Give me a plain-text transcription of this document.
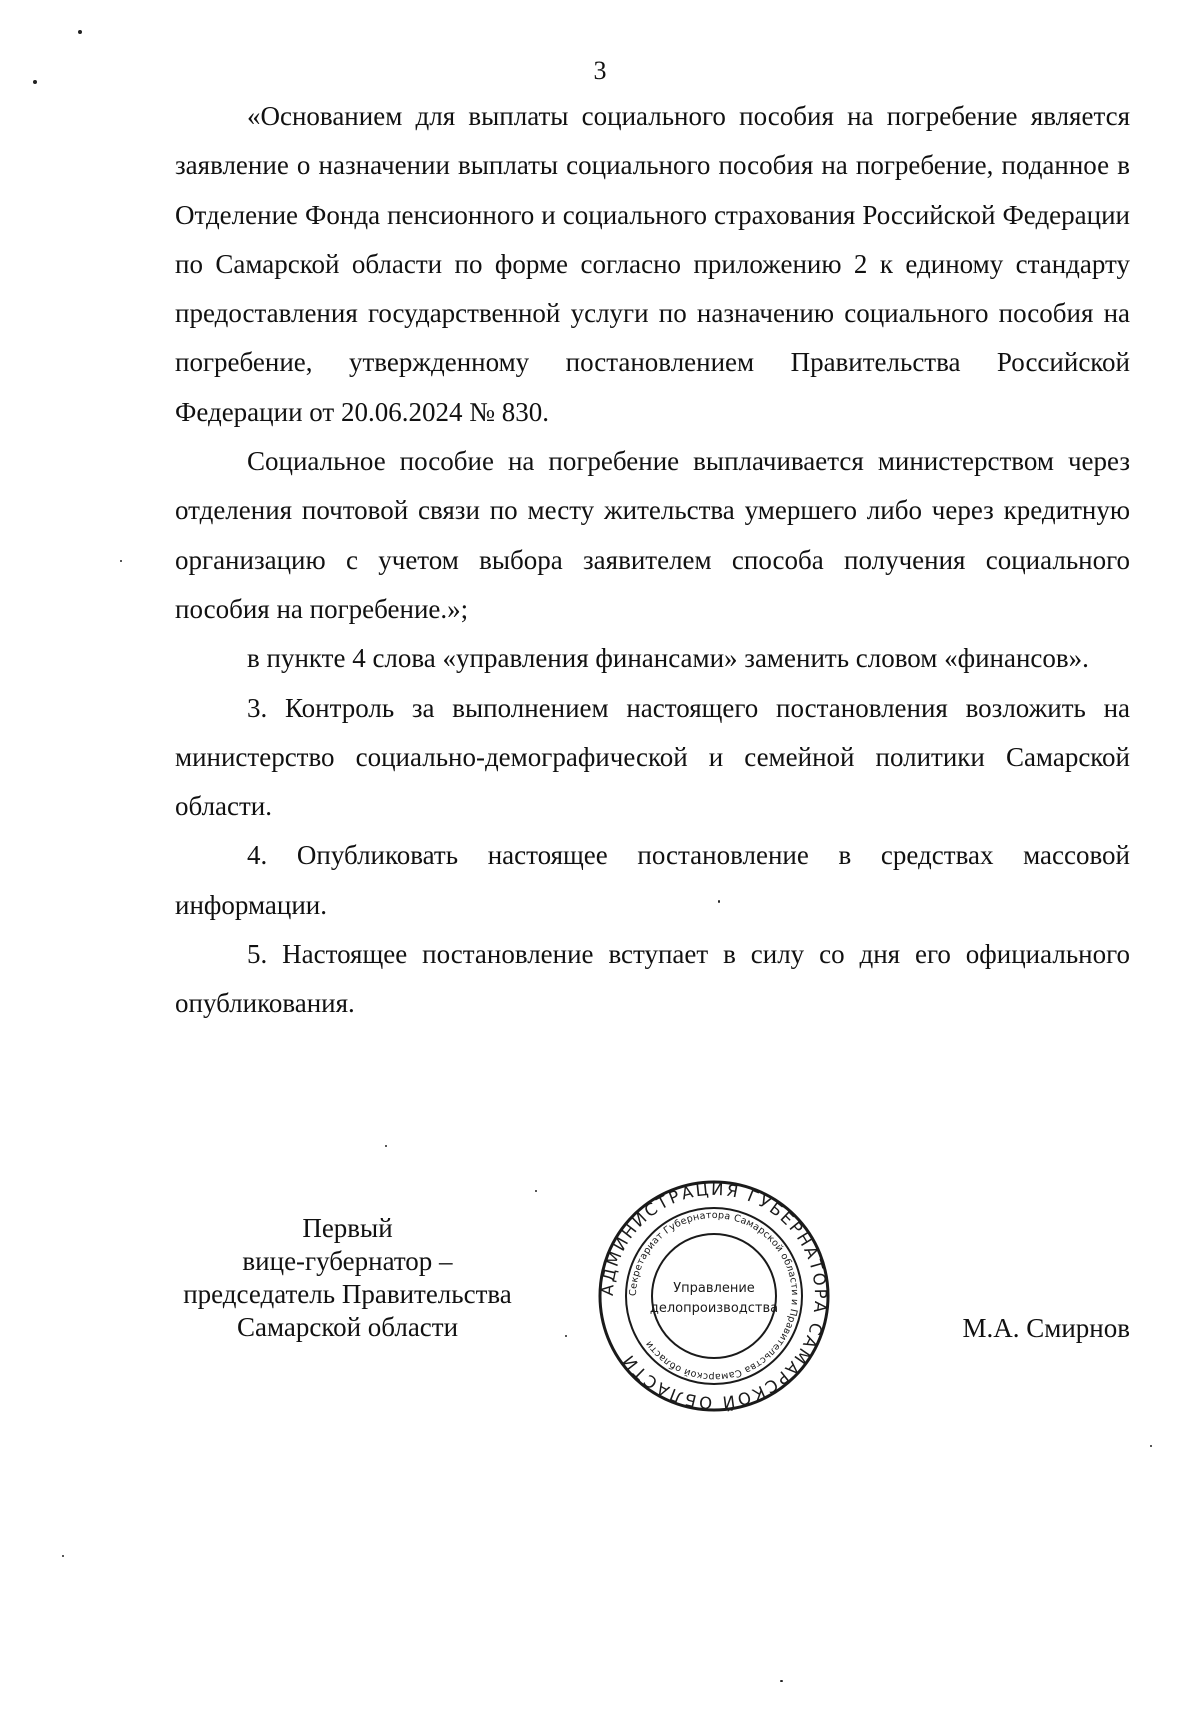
3

«Основанием для выплаты социального пособия на погребение является заявление о назначении выплаты социального пособия на погребение, поданное в Отделение Фонда пенсионного и социального страхования Российской Федерации по Самарской области по форме согласно приложению 2 к единому стандарту предоставления государственной услуги по назначению социального пособия на погребение, утвержденному постановлением Правительства Российской Федерации от 20.06.2024 № 830.

Социальное пособие на погребение выплачивается министерством через отделения почтовой связи по месту жительства умершего либо через кредитную организацию с учетом выбора заявителем способа получения социального пособия на погребение.»;

в пункте 4 слова «управления финансами» заменить словом «финансов».

3. Контроль за выполнением настоящего постановления возложить на министерство социально-демографической и семейной политики Самарской области.

4. Опубликовать настоящее постановление в средствах массовой информации.

5. Настоящее постановление вступает в силу со дня его официального опубликования.

Первый
вице-губернатор –
председатель Правительства
Самарской области
АДМИНИСТРАЦИЯ ГУБЕРНАТОРА САМАРСКОЙ ОБЛАСТИ
Секретариат Губернатора Самарской области и Правительства Самарской области
Управление
делопроизводства
М.А. Смирнов
